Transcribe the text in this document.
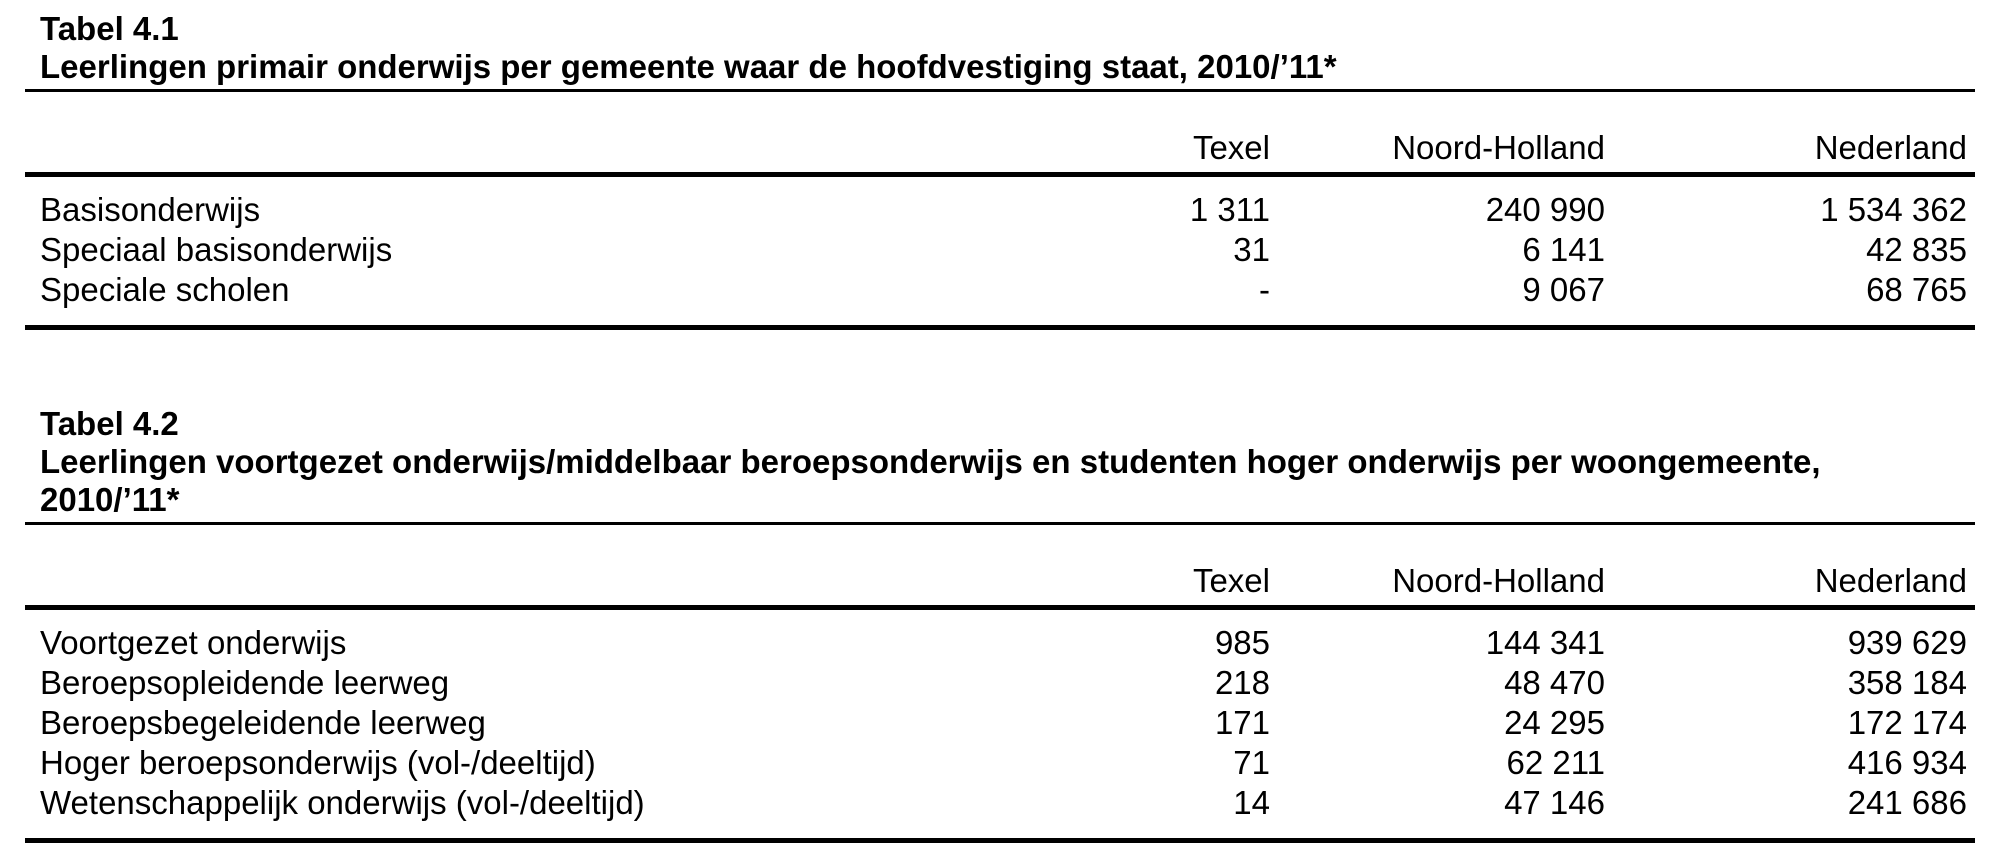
Tabel 4.1
Leerlingen primair onderwijs per gemeente waar de hoofdvestiging staat, 2010/’11*
	Texel	Noord-Holland	Nederland
Basisonderwijs	1 311	240 990	1 534 362
Speciaal basisonderwijs	31	6 141	42 835
Speciale scholen	-	9 067	68 765
Tabel 4.2
Leerlingen voortgezet onderwijs/middelbaar beroepsonderwijs en studenten hoger onderwijs per woongemeente,
2010/’11*
	Texel	Noord-Holland	Nederland
Voortgezet onderwijs	985	144 341	939 629
Beroepsopleidende leerweg	218	48 470	358 184
Beroepsbegeleidende leerweg	171	24 295	172 174
Hoger beroepsonderwijs (vol-/deeltijd)	71	62 211	416 934
Wetenschappelijk onderwijs (vol-/deeltijd)	14	47 146	241 686
